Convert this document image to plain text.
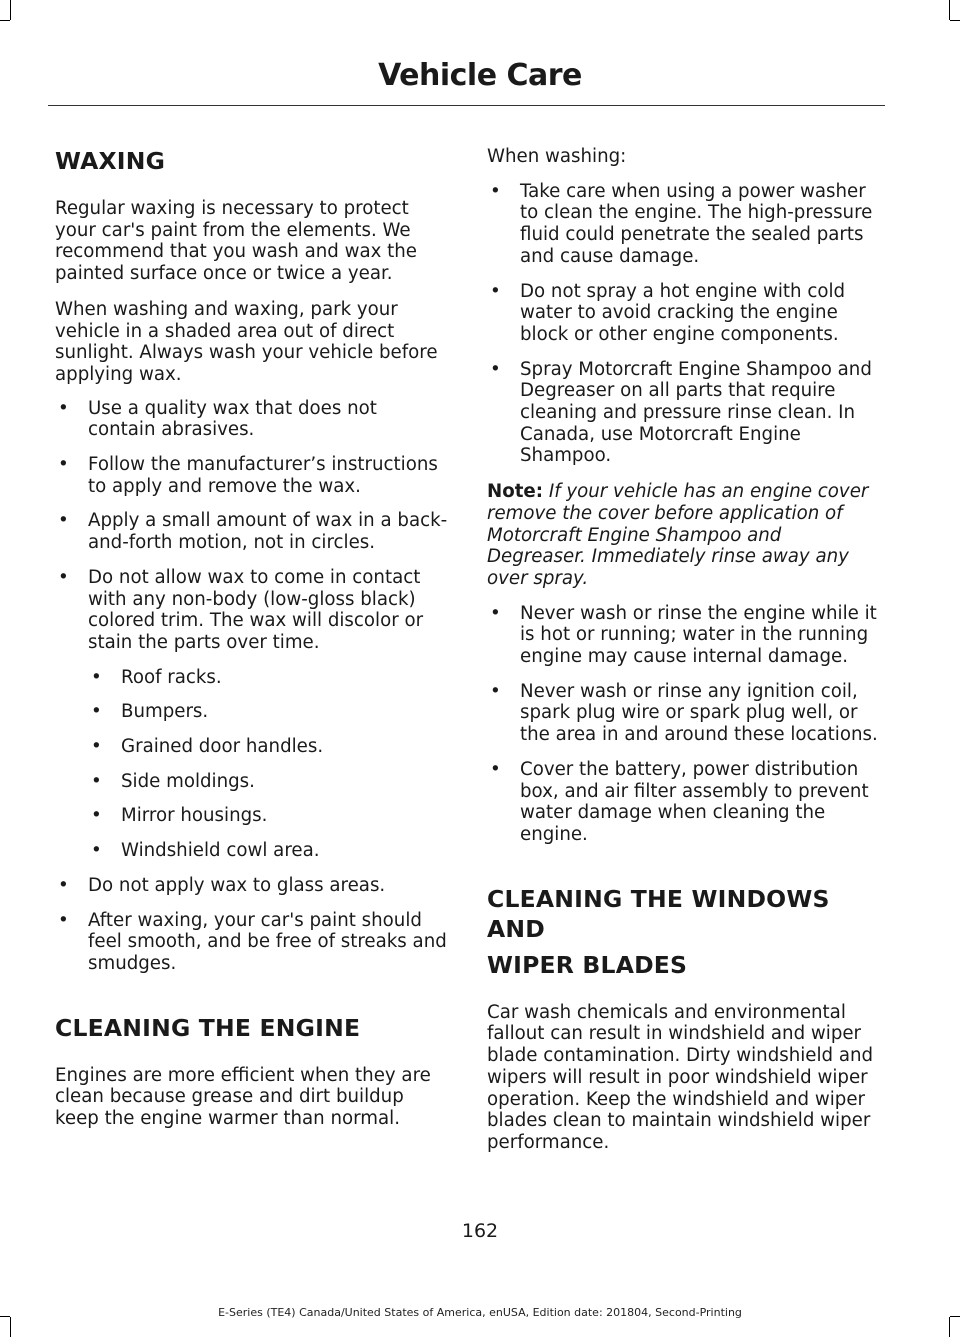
Vehicle Care
WAXING

Regular waxing is necessary to protect your car's paint from the elements. We recommend that you wash and wax the painted surface once or twice a year.

When washing and waxing, park your vehicle in a shaded area out of direct sunlight. Always wash your vehicle before applying wax.

• Use a quality wax that does not contain abrasives.
• Follow the manufacturer’s instructions to apply and remove the wax.
• Apply a small amount of wax in a back-and-forth motion, not in circles.
• Do not allow wax to come in contact with any non-body (low-gloss black) colored trim. The wax will discolor or stain the parts over time.
• Roof racks.
• Bumpers.
• Grained door handles.
• Side moldings.
• Mirror housings.
• Windshield cowl area.
• Do not apply wax to glass areas.
• After waxing, your car's paint should feel smooth, and be free of streaks and smudges.
CLEANING THE ENGINE

Engines are more efficient when they are clean because grease and dirt buildup keep the engine warmer than normal.

When washing:

• Take care when using a power washer to clean the engine. The high-pressure fluid could penetrate the sealed parts and cause damage.
• Do not spray a hot engine with cold water to avoid cracking the engine block or other engine components.
• Spray Motorcraft Engine Shampoo and Degreaser on all parts that require cleaning and pressure rinse clean. In Canada, use Motorcraft Engine Shampoo.

Note: If your vehicle has an engine cover remove the cover before application of Motorcraft Engine Shampoo and Degreaser. Immediately rinse away any over spray.

• Never wash or rinse the engine while it is hot or running; water in the running engine may cause internal damage.
• Never wash or rinse any ignition coil, spark plug wire or spark plug well, or the area in and around these locations.
• Cover the battery, power distribution box, and air filter assembly to prevent water damage when cleaning the engine.
CLEANING THE WINDOWS AND
WIPER BLADES

Car wash chemicals and environmental fallout can result in windshield and wiper blade contamination. Dirty windshield and wipers will result in poor windshield wiper operation. Keep the windshield and wiper blades clean to maintain windshield wiper performance.

162
E-Series (TE4) Canada/United States of America, enUSA, Edition date: 201804, Second-Printing
